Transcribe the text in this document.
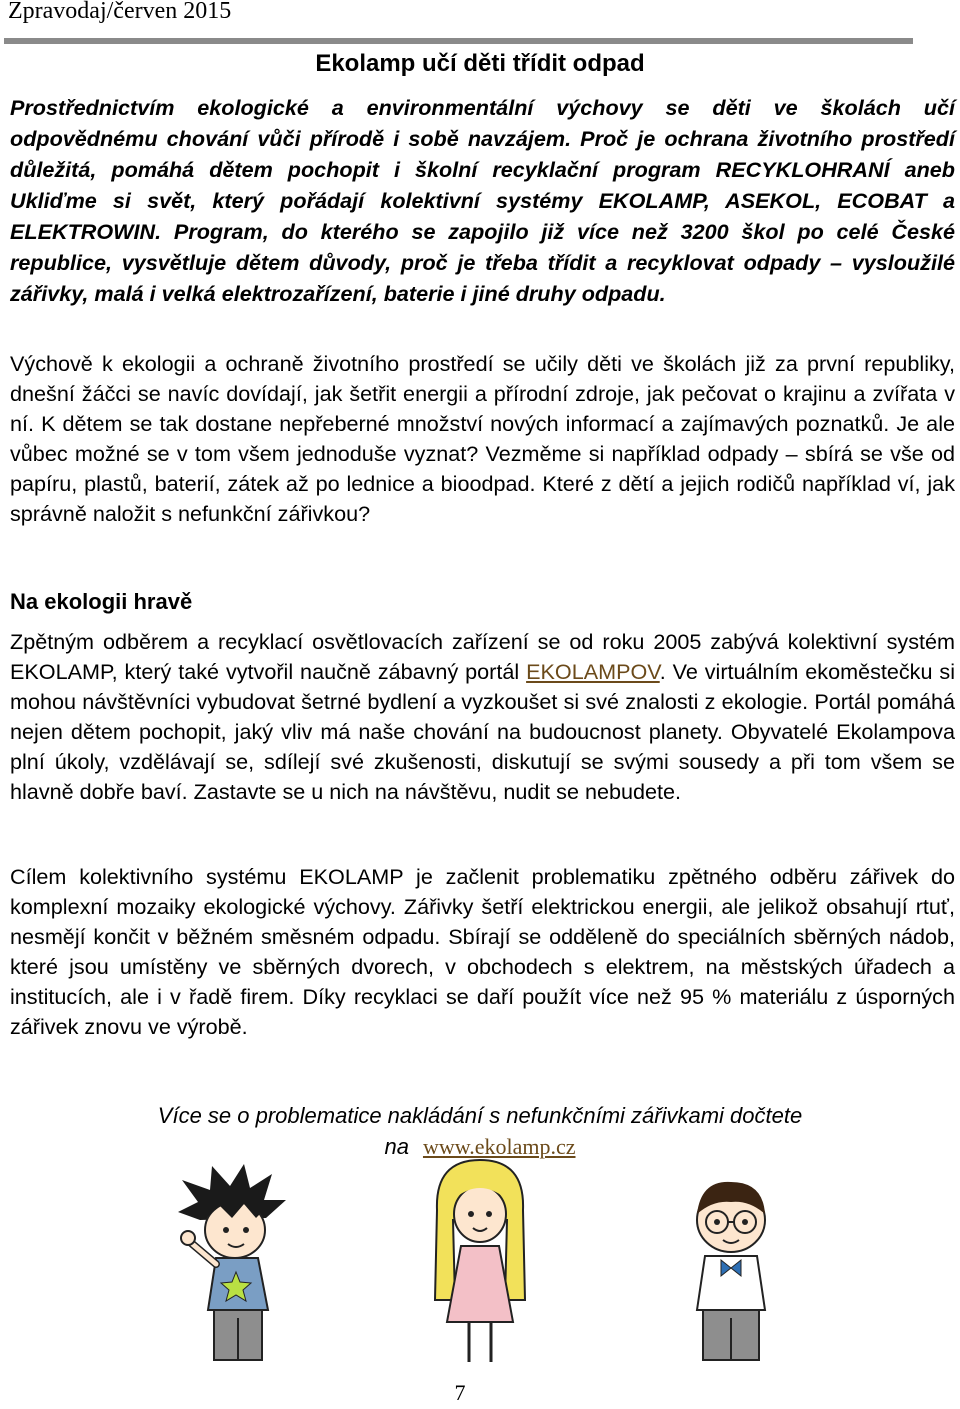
Zpravodaj/červen 2015
Ekolamp učí děti třídit odpad
Prostřednictvím ekologické a environmentální výchovy se děti ve školách učí odpovědnému chování vůči přírodě i sobě navzájem. Proč je ochrana životního prostředí důležitá, pomáhá dětem pochopit i školní recyklační program RECYKLOHRANÍ aneb Ukliďme si svět, který pořádají kolektivní systémy EKOLAMP, ASEKOL, ECOBAT a ELEKTROWIN. Program, do kterého se zapojilo již více než 3200 škol po celé České republice, vysvětluje dětem důvody, proč je třeba třídit a recyklovat odpady – vysloužilé zářivky, malá i velká elektrozařízení, baterie i jiné druhy odpadu.
Výchově k ekologii a ochraně životního prostředí se učily děti ve školách již za první republiky, dnešní žáčci se navíc dovídají, jak šetřit energii a přírodní zdroje, jak pečovat o krajinu a zvířata v ní. K dětem se tak dostane nepřeberné množství nových informací a zajímavých poznatků. Je ale vůbec možné se v tom všem jednoduše vyznat? Vezměme si například odpady – sbírá se vše od papíru, plastů, baterií, zátek až po lednice a bioodpad. Které z dětí a jejich rodičů například ví, jak správně naložit s nefunkční zářivkou?
Na ekologii hravě
Zpětným odběrem a recyklací osvětlovacích zařízení se od roku 2005 zabývá kolektivní systém EKOLAMP, který také vytvořil naučně zábavný portál EKOLAMPOV. Ve virtuálním ekoměstečku si mohou návštěvníci vybudovat šetrné bydlení a vyzkoušet si své znalosti z ekologie. Portál pomáhá nejen dětem pochopit, jaký vliv má naše chování na budoucnost planety. Obyvatelé Ekolampova plní úkoly, vzdělávají se, sdílejí své zkušenosti, diskutují se svými sousedy a při tom všem se hlavně dobře baví. Zastavte se u nich na návštěvu, nudit se nebudete.
Cílem kolektivního systému EKOLAMP je začlenit problematiku zpětného odběru zářivek do komplexní mozaiky ekologické výchovy. Zářivky šetří elektrickou energii, ale jelikož obsahují rtuť, nesmějí končit v běžném směsném odpadu. Sbírají se odděleně do speciálních sběrných nádob, které jsou umístěny ve sběrných dvorech, v obchodech s elektrem, na městských úřadech a institucích, ale i v řadě firem. Díky recyklaci se daří použít více než 95 % materiálu z úsporných zářivek znovu ve výrobě.
Více se o problematice nakládání s nefunkčními zářivkami dočtete
na www.ekolamp.cz
7
